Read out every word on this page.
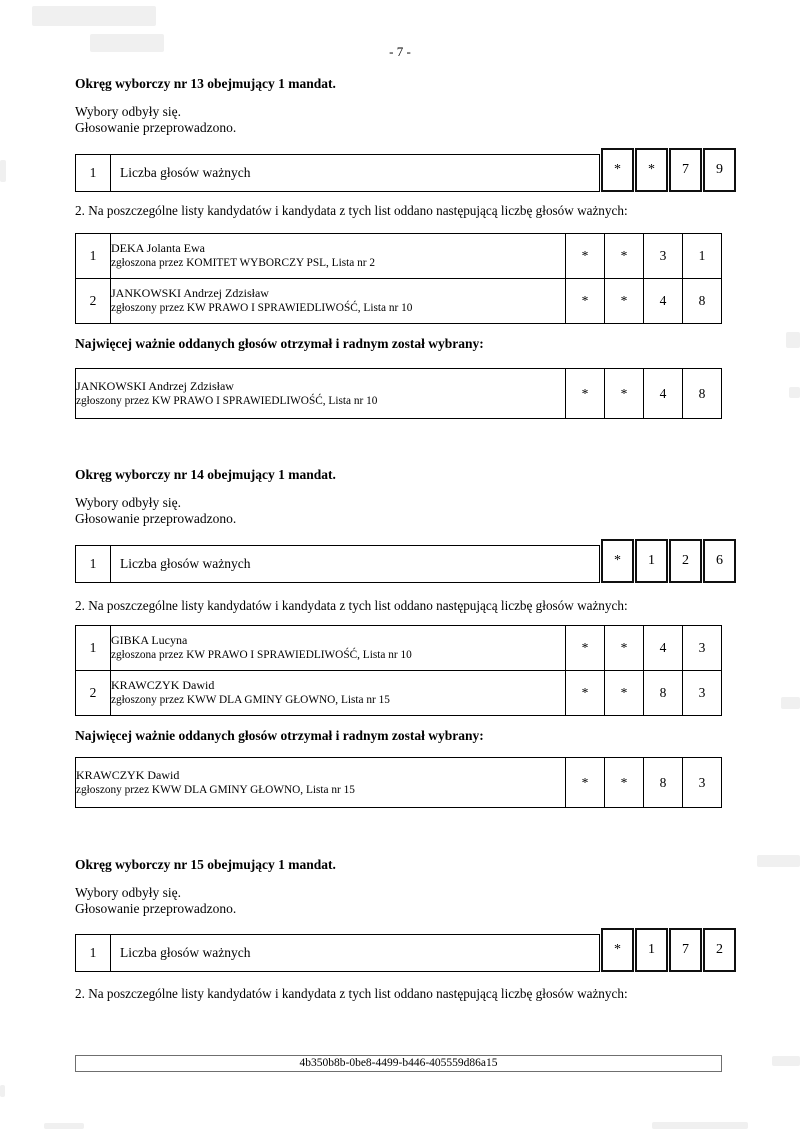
- 7 -
Okręg wyborczy nr 13 obejmujący 1 mandat.
Wybory odbyły się.
Głosowanie przeprowadzono.
1	Liczba głosów ważnych	*	*	7	9
2. Na poszczególne listy kandydatów i kandydata z tych list oddano następującą liczbę głosów ważnych:
1	DEKA Jolanta Ewa
zgłoszona przez KOMITET WYBORCZY PSL, Lista nr 2	*	*	3	1
2	JANKOWSKI Andrzej Zdzisław
zgłoszony przez KW PRAWO I SPRAWIEDLIWOŚĆ, Lista nr 10	*	*	4	8
Najwięcej ważnie oddanych głosów otrzymał i radnym został wybrany:
JANKOWSKI Andrzej Zdzisław
zgłoszony przez KW PRAWO I SPRAWIEDLIWOŚĆ, Lista nr 10	*	*	4	8
Okręg wyborczy nr 14 obejmujący 1 mandat.
Wybory odbyły się.
Głosowanie przeprowadzono.
1	Liczba głosów ważnych	*	1	2	6
2. Na poszczególne listy kandydatów i kandydata z tych list oddano następującą liczbę głosów ważnych:
1	GIBKA Lucyna
zgłoszona przez KW PRAWO I SPRAWIEDLIWOŚĆ, Lista nr 10	*	*	4	3
2	KRAWCZYK Dawid
zgłoszony przez KWW DLA GMINY GŁOWNO, Lista nr 15	*	*	8	3
Najwięcej ważnie oddanych głosów otrzymał i radnym został wybrany:
KRAWCZYK Dawid
zgłoszony przez KWW DLA GMINY GŁOWNO, Lista nr 15	*	*	8	3
Okręg wyborczy nr 15 obejmujący 1 mandat.
Wybory odbyły się.
Głosowanie przeprowadzono.
1	Liczba głosów ważnych	*	1	7	2
2. Na poszczególne listy kandydatów i kandydata z tych list oddano następującą liczbę głosów ważnych:
4b350b8b-0be8-4499-b446-405559d86a15
